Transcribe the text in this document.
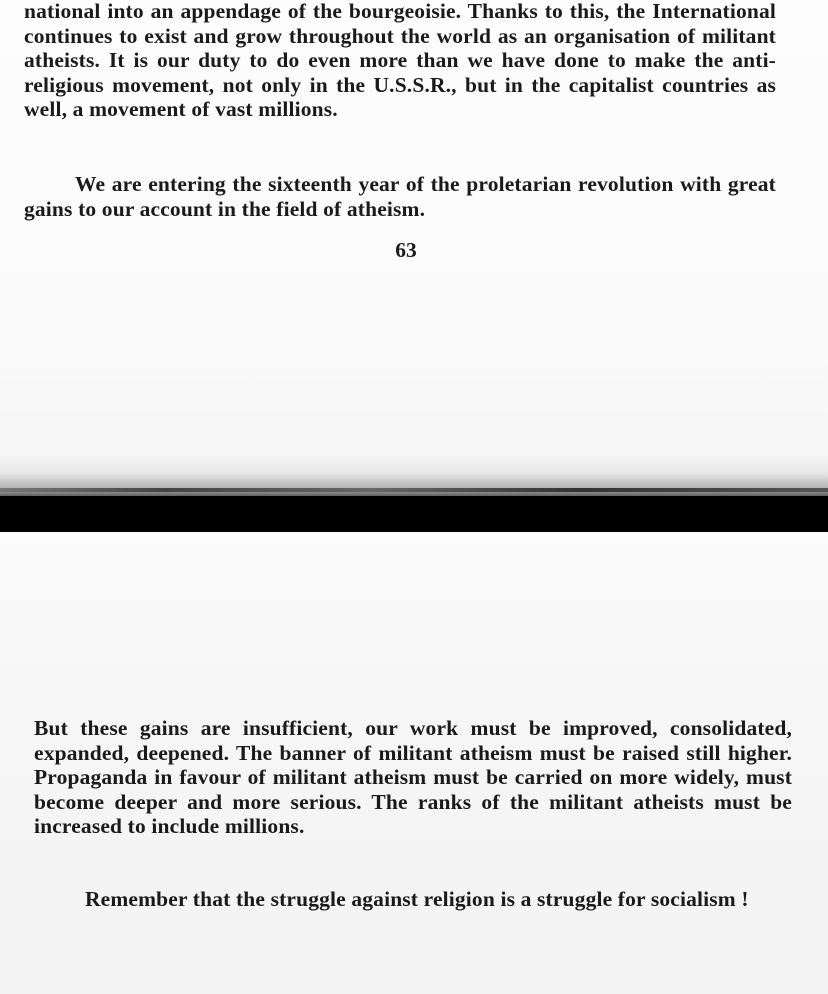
national into an appendage of the bourgeoisie. Thanks to this, the International continues to exist and grow throughout the world as an organisation of militant atheists. It is our duty to do even more than we have done to make the anti-religious movement, not only in the U.S.S.R., but in the capitalist countries as well, a movement of vast millions.

We are entering the sixteenth year of the proletarian revolution with great gains to our account in the field of atheism.

63

But these gains are insufficient, our work must be improved, consolidated, expanded, deepened. The banner of militant atheism must be raised still higher. Propaganda in favour of militant atheism must be carried on more widely, must become deeper and more serious. The ranks of the militant atheists must be increased to include millions.

Remember that the struggle against religion is a struggle for socialism !
